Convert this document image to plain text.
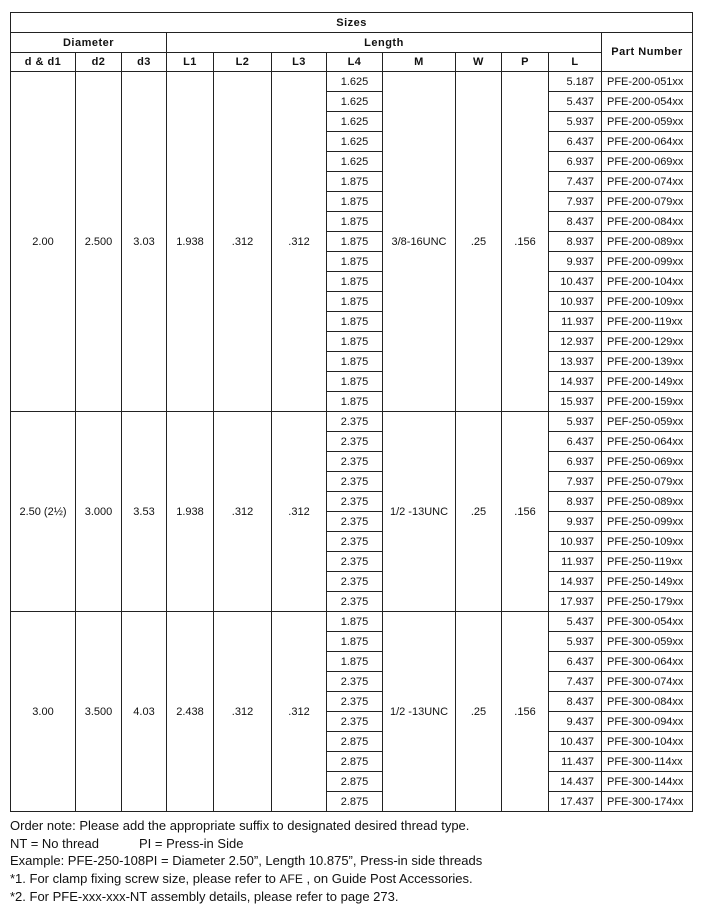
Sizes											
Diameter			Length								Part Number
d & d1	d2	d3	L1	L2	L3	L4	M	W	P	L	
2.00	2.500	3.03	1.938	.312	.312	1.625	3/8-16UNC	.25	.156	5.187	PFE-200-051xx
						1.625				5.437	PFE-200-054xx
						1.625				5.937	PFE-200-059xx
						1.625				6.437	PFE-200-064xx
						1.625				6.937	PFE-200-069xx
						1.875				7.437	PFE-200-074xx
						1.875				7.937	PFE-200-079xx
						1.875				8.437	PFE-200-084xx
						1.875				8.937	PFE-200-089xx
						1.875				9.937	PFE-200-099xx
						1.875				10.437	PFE-200-104xx
						1.875				10.937	PFE-200-109xx
						1.875				11.937	PFE-200-119xx
						1.875				12.937	PFE-200-129xx
						1.875				13.937	PFE-200-139xx
						1.875				14.937	PFE-200-149xx
						1.875				15.937	PFE-200-159xx
2.50 (2½)	3.000	3.53	1.938	.312	.312	2.375	1/2 -13UNC	.25	.156	5.937	PEF-250-059xx
						2.375				6.437	PFE-250-064xx
						2.375				6.937	PFE-250-069xx
						2.375				7.937	PFE-250-079xx
						2.375				8.937	PFE-250-089xx
						2.375				9.937	PFE-250-099xx
						2.375				10.937	PFE-250-109xx
						2.375				11.937	PFE-250-119xx
						2.375				14.937	PFE-250-149xx
						2.375				17.937	PFE-250-179xx
3.00	3.500	4.03	2.438	.312	.312	1.875	1/2 -13UNC	.25	.156	5.437	PFE-300-054xx
						1.875				5.937	PFE-300-059xx
						1.875				6.437	PFE-300-064xx
						2.375				7.437	PFE-300-074xx
						2.375				8.437	PFE-300-084xx
						2.375				9.437	PFE-300-094xx
						2.875				10.437	PFE-300-104xx
						2.875				11.437	PFE-300-114xx
						2.875				14.437	PFE-300-144xx
						2.875				17.437	PFE-300-174xx
Order note: Please add the appropriate suffix to designated desired thread type.
NT = No thread	PI = Press-in Side
Example: PFE-250-108PI = Diameter 2.50”, Length 10.875”, Press-in side threads
*1. For clamp fixing screw size, please refer to AFE , on Guide Post Accessories.
*2. For PFE-xxx-xxx-NT assembly details, please refer to page 273.
